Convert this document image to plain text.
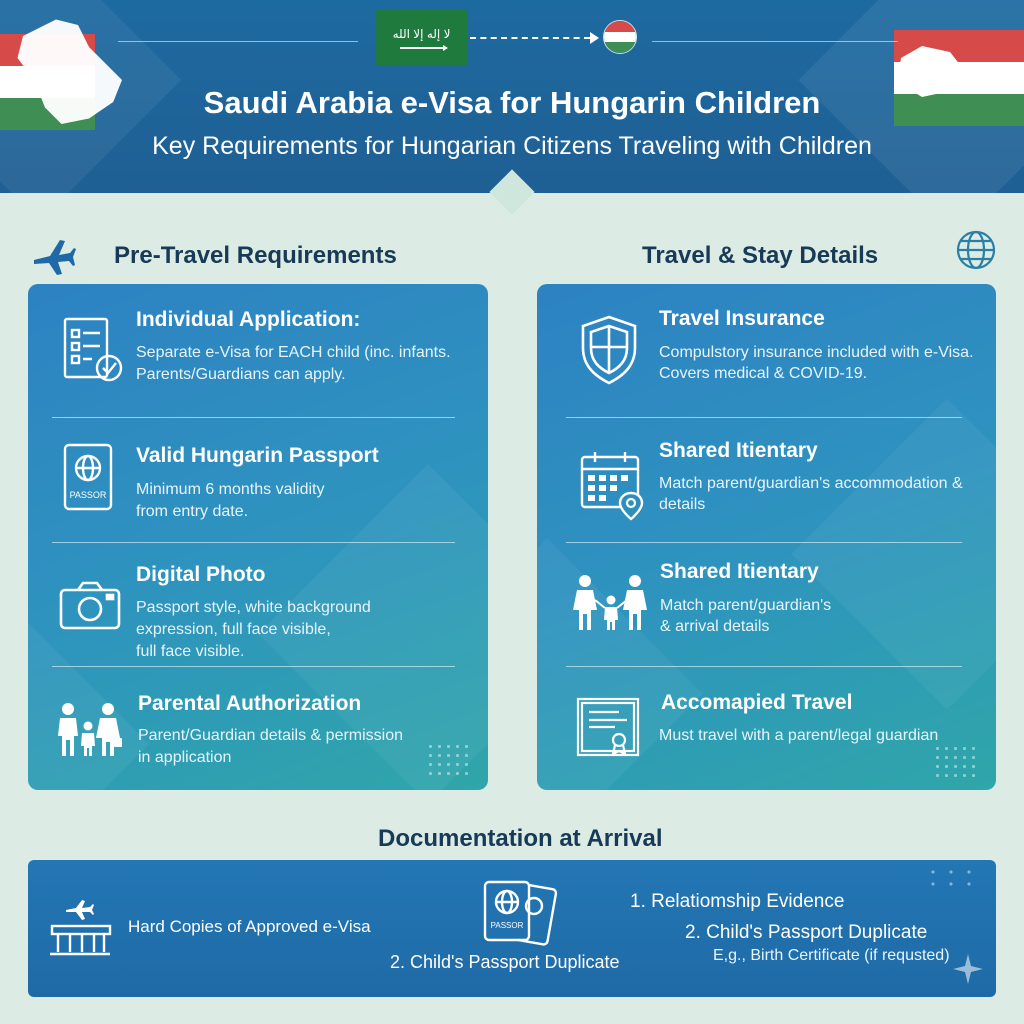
لا إله إلا الله
Saudi Arabia e-Visa for Hungarin Children
Key Requirements for Hungarian Citizens Traveling with Children
Pre-Travel Requirements	Travel & Stay Details
Individual Application:
Separate e-Visa for EACH child (inc. infants.
Parents/Guardians can apply.
PASSOR
Valid Hungarin Passport
Minimum 6 months validity
from entry date.
Digital Photo
Passport style, white background
expression, full face visible,
full face visible.
Parental Authorization
Parent/Guardian details & permission
in application
Travel Insurance
Compulstory insurance included with e-Visa.
Covers medical & COVID-19.
Shared Itientary
Match parent/guardian's accommodation &
details
Shared Itientary
Match parent/guardian's
& arrival details
Accomapied Travel
Must travel with a parent/legal guardian
Documentation at Arrival
Hard Copies of Approved e-Visa	PASSOR
2. Child's Passport Duplicate
1. Relatiomship Evidence
2. Child's Passport Duplicate
E,g., Birth Certificate (if requsted)
